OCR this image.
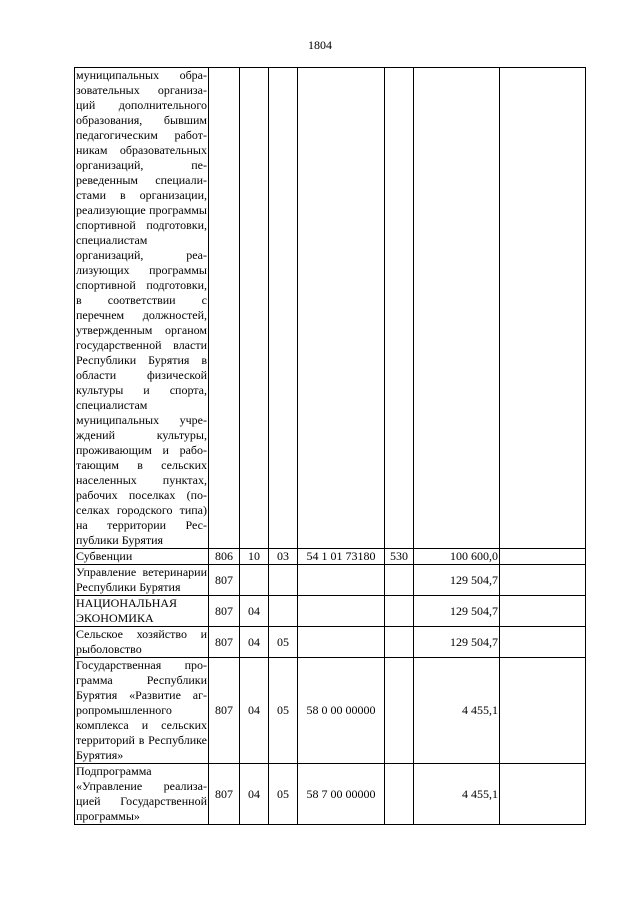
1804
муниципальных образовательных организаций дополнительного образования, бывшим педагогическим работникам образовательных организаций, переведенным специалистами в организации, реализующие программы спортивной подготовки, специалистам организаций, реализующих программы спортивной подготовки, в соответствии с перечнем должностей, утвержденным органом государственной власти Республики Бурятия в области физической культуры и спорта, специалистам муниципальных учреждений культуры, проживающим и работающим в сельских населенных пунктах, рабочих поселках (поселках городского типа) на территории Республики Бурятия							
Субвенции	806	10	03	54 1 01 73180	530	100 600,0	
Управление ветеринарии Республики Бурятия	807					129 504,7	
НАЦИОНАЛЬНАЯ ЭКОНОМИКА	807	04				129 504,7	
Сельское хозяйство и рыболовство	807	04	05			129 504,7	
Государственная программа Республики Бурятия «Развитие агропромышленного комплекса и сельских территорий в Республике Бурятия»	807	04	05	58 0 00 00000		4 455,1	
Подпрограмма «Управление реализацией Государственной программы»	807	04	05	58 7 00 00000		4 455,1	
